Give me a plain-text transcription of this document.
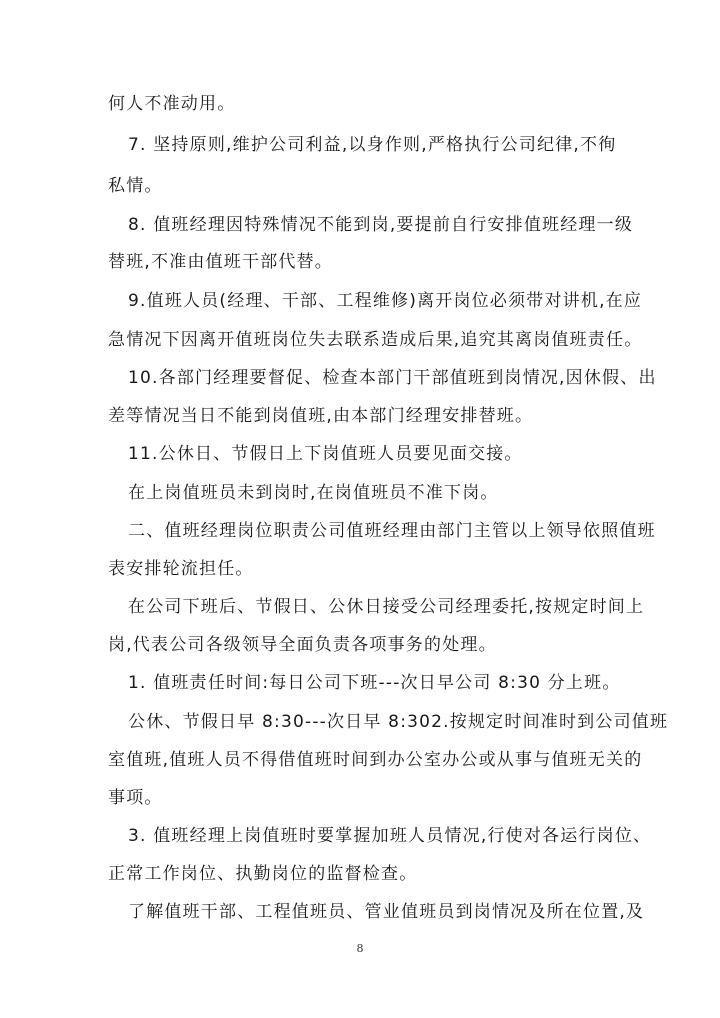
何人不准动用。
7. 坚持原则,维护公司利益,以身作则,严格执行公司纪律,不徇
私情。
8. 值班经理因特殊情况不能到岗,要提前自行安排值班经理一级
替班,不准由值班干部代替。
9.值班人员(经理、干部、工程维修)离开岗位必须带对讲机,在应
急情况下因离开值班岗位失去联系造成后果,追究其离岗值班责任。
10.各部门经理要督促、检查本部门干部值班到岗情况,因休假、出
差等情况当日不能到岗值班,由本部门经理安排替班。
11.公休日、节假日上下岗值班人员要见面交接。
在上岗值班员未到岗时,在岗值班员不准下岗。
二、值班经理岗位职责公司值班经理由部门主管以上领导依照值班
表安排轮流担任。
在公司下班后、节假日、公休日接受公司经理委托,按规定时间上
岗,代表公司各级领导全面负责各项事务的处理。
1. 值班责任时间:每日公司下班---次日早公司 8:30 分上班。
公休、节假日早 8:30---次日早 8:302.按规定时间准时到公司值班
室值班,值班人员不得借值班时间到办公室办公或从事与值班无关的
事项。
3. 值班经理上岗值班时要掌握加班人员情况,行使对各运行岗位、
正常工作岗位、执勤岗位的监督检查。
了解值班干部、工程值班员、管业值班员到岗情况及所在位置,及
8
